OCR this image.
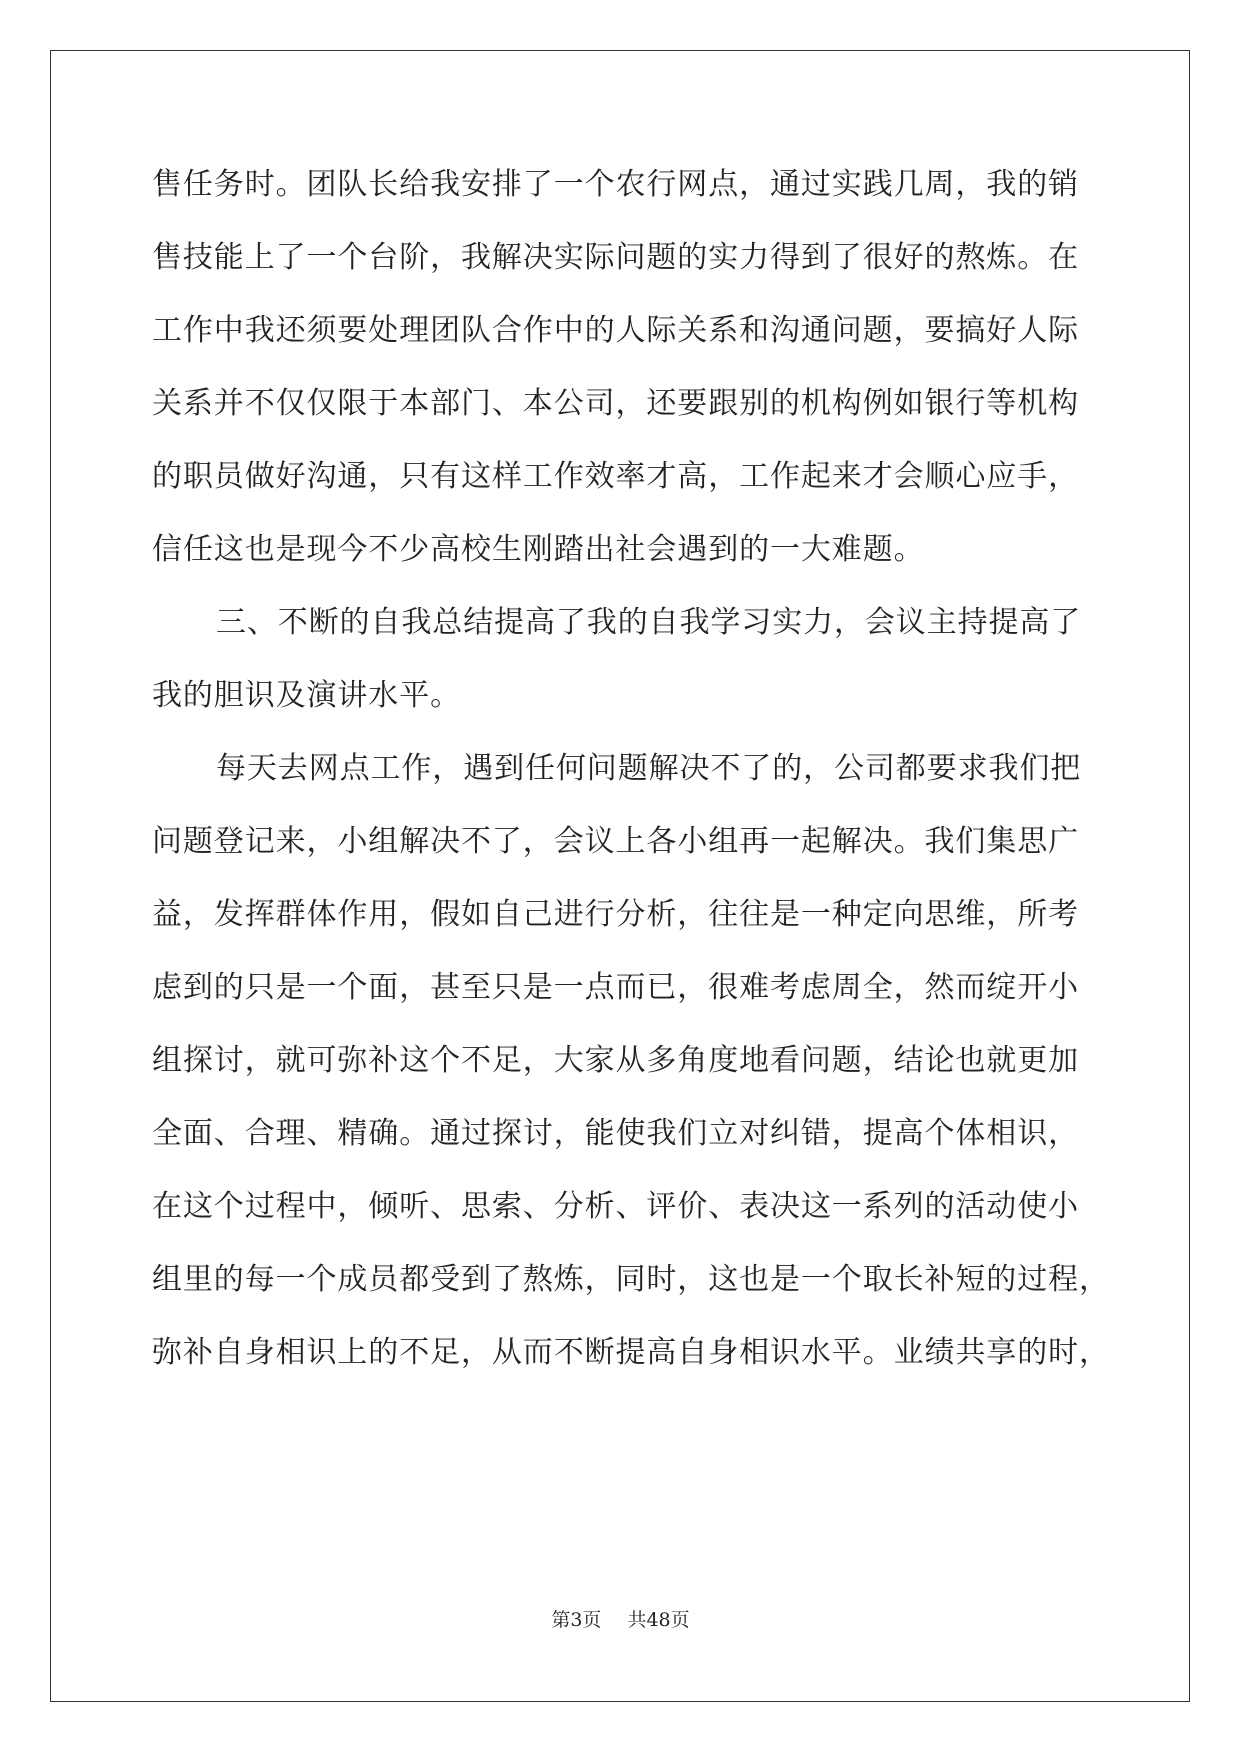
售任务时。团队长给我安排了一个农行网点，通过实践几周，我的销
售技能上了一个台阶，我解决实际问题的实力得到了很好的熬炼。在
工作中我还须要处理团队合作中的人际关系和沟通问题，要搞好人际
关系并不仅仅限于本部门、本公司，还要跟别的机构例如银行等机构
的职员做好沟通，只有这样工作效率才高，工作起来才会顺心应手，
信任这也是现今不少高校生刚踏出社会遇到的一大难题。
三、不断的自我总结提高了我的自我学习实力，会议主持提高了
我的胆识及演讲水平。
每天去网点工作，遇到任何问题解决不了的，公司都要求我们把
问题登记来，小组解决不了，会议上各小组再一起解决。我们集思广
益，发挥群体作用，假如自己进行分析，往往是一种定向思维，所考
虑到的只是一个面，甚至只是一点而已，很难考虑周全，然而绽开小
组探讨，就可弥补这个不足，大家从多角度地看问题，结论也就更加
全面、合理、精确。通过探讨，能使我们立对纠错，提高个体相识，
在这个过程中，倾听、思索、分析、评价、表决这一系列的活动使小
组里的每一个成员都受到了熬炼，同时，这也是一个取长补短的过程，
弥补自身相识上的不足，从而不断提高自身相识水平。业绩共享的时，
第3页 共48页
